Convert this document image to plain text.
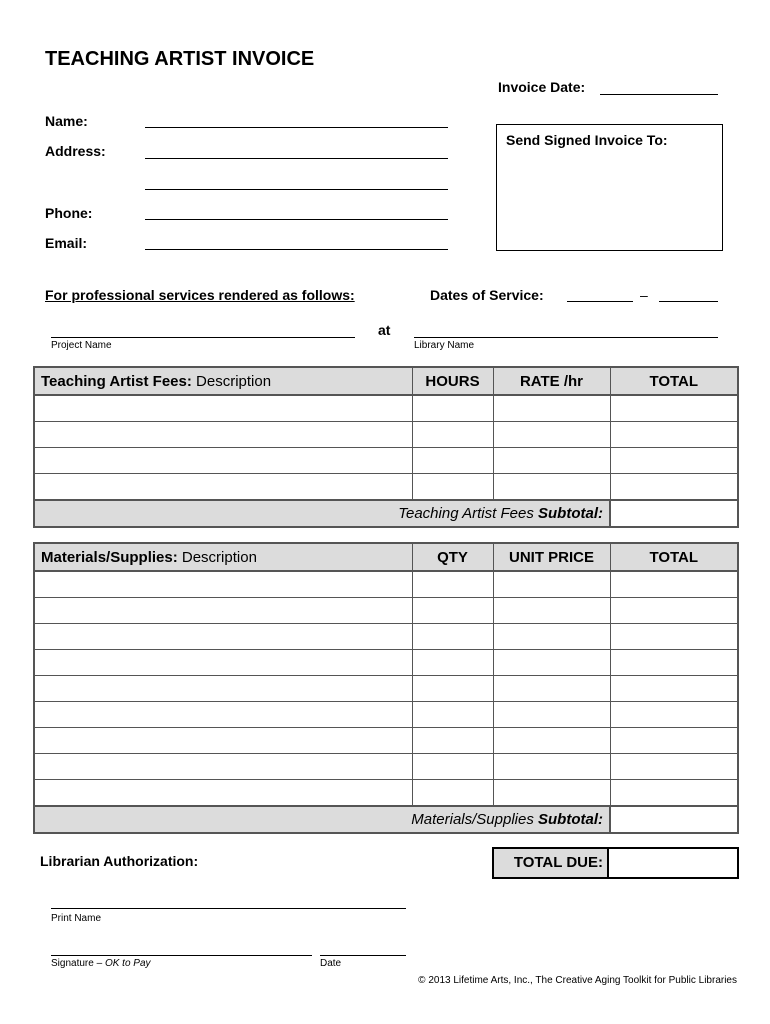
TEACHING ARTIST INVOICE
Invoice Date:
Name:
Address:
Phone:
Email:
Send Signed Invoice To:
For professional services rendered as follows:	Dates of Service:	–
at
Project Name	Library Name
Teaching Artist Fees: Description	HOURS	RATE /hr	TOTAL

Teaching Artist Fees Subtotal:			
Materials/Supplies: Description	QTY	UNIT PRICE	TOTAL

Materials/Supplies Subtotal:			
Librarian Authorization:	TOTAL DUE:
Print Name
Signature – OK to Pay	Date
© 2013 Lifetime Arts, Inc., The Creative Aging Toolkit for Public Libraries
